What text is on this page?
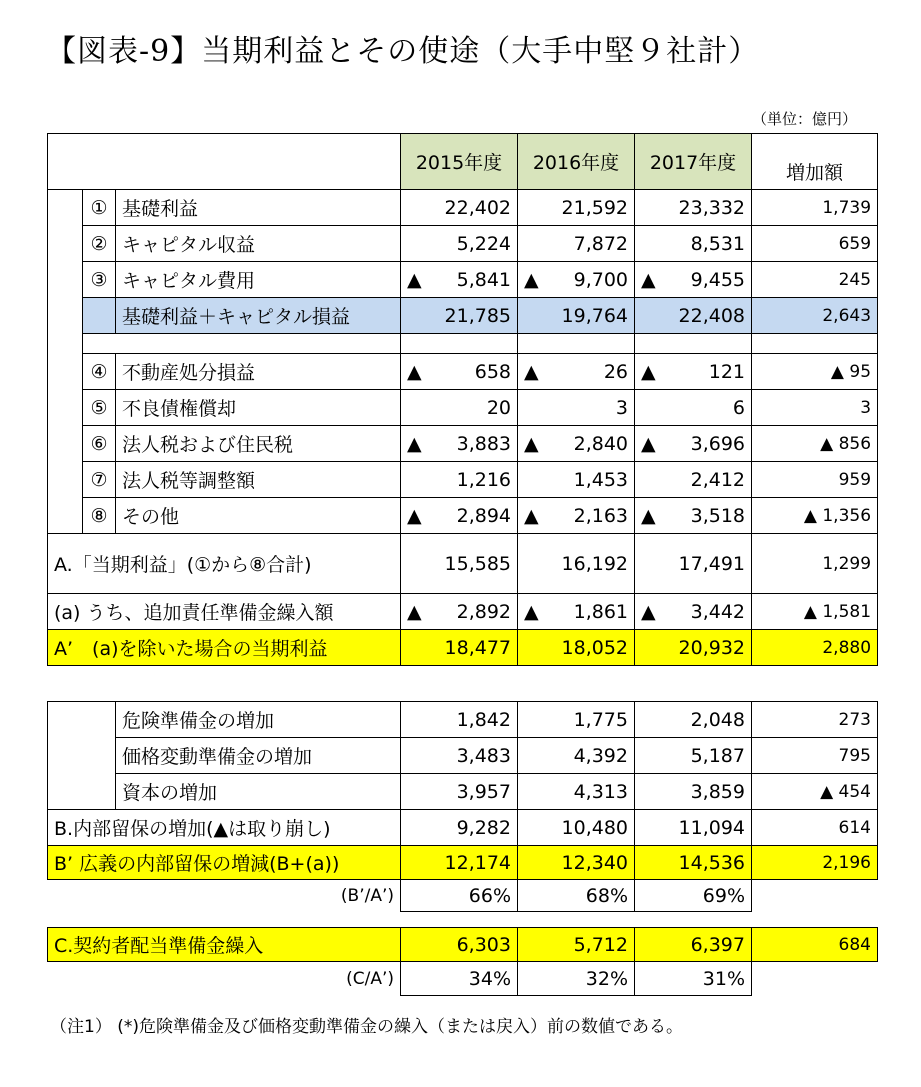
【図表‐9】当期利益とその使途（大手中堅９社計）
（単位：億円）
			2015年度	2016年度	2017年度	増加額
	①	基礎利益	22,402	21,592	23,332	1,739
	②	キャピタル収益	5,224	7,872	8,531	659
	③	キャピタル費用	▲ 5,841	▲ 9,700	▲ 9,455	245
		基礎利益＋キャピタル損益	21,785	19,764	22,408	2,643

	④	不動産処分損益	▲ 658	▲ 26	▲ 121	▲ 95
	⑤	不良債権償却	20	3	6	3
	⑥	法人税および住民税	▲ 3,883	▲ 2,840	▲ 3,696	▲ 856
	⑦	法人税等調整額	1,216	1,453	2,412	959
	⑧	その他	▲ 2,894	▲ 2,163	▲ 3,518	▲ 1,356
A.「当期利益」(①から⑧合計)			15,585	16,192	17,491	1,299
(a) うち、追加責任準備金繰入額			▲ 2,892	▲ 1,861	▲ 3,442	▲ 1,581
A’　(a)を除いた場合の当期利益			18,477	18,052	20,932	2,880
	危険準備金の増加	1,842	1,775	2,048	273
	価格変動準備金の増加	3,483	4,392	5,187	795
	資本の増加	3,957	4,313	3,859	▲ 454
B.内部留保の増加(▲は取り崩し)		9,282	10,480	11,094	614
B’ 広義の内部留保の増減(B+(a))		12,174	12,340	14,536	2,196
(B’/A’)		66%	68%	69%	

C.契約者配当準備金繰入		6,303	5,712	6,397	684
(C/A’)		34%	32%	31%	
（注1） (*)危険準備金及び価格変動準備金の繰入（または戻入）前の数値である。
